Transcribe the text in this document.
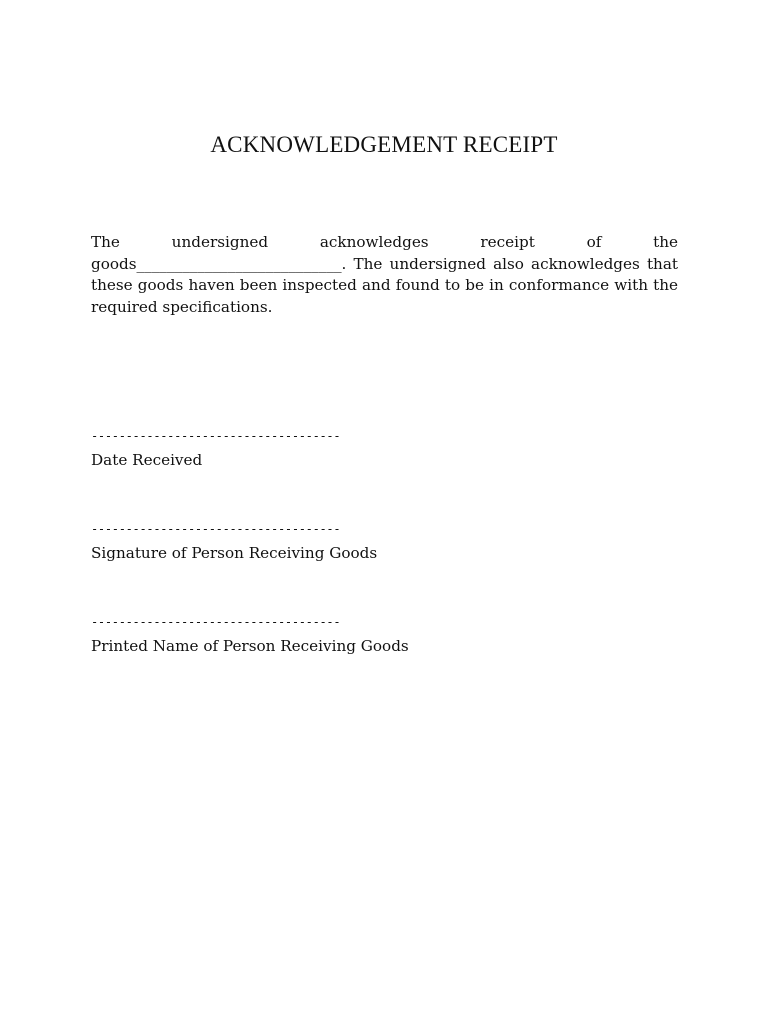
ACKNOWLEDGEMENT RECEIPT

The undersigned acknowledges receipt of the goods___________________________. The undersigned also acknowledges that these goods haven been inspected and found to be in conformance with the required specifications.

------------------------------------
Date Received
------------------------------------
Signature of Person Receiving Goods
------------------------------------
Printed Name of Person Receiving Goods
